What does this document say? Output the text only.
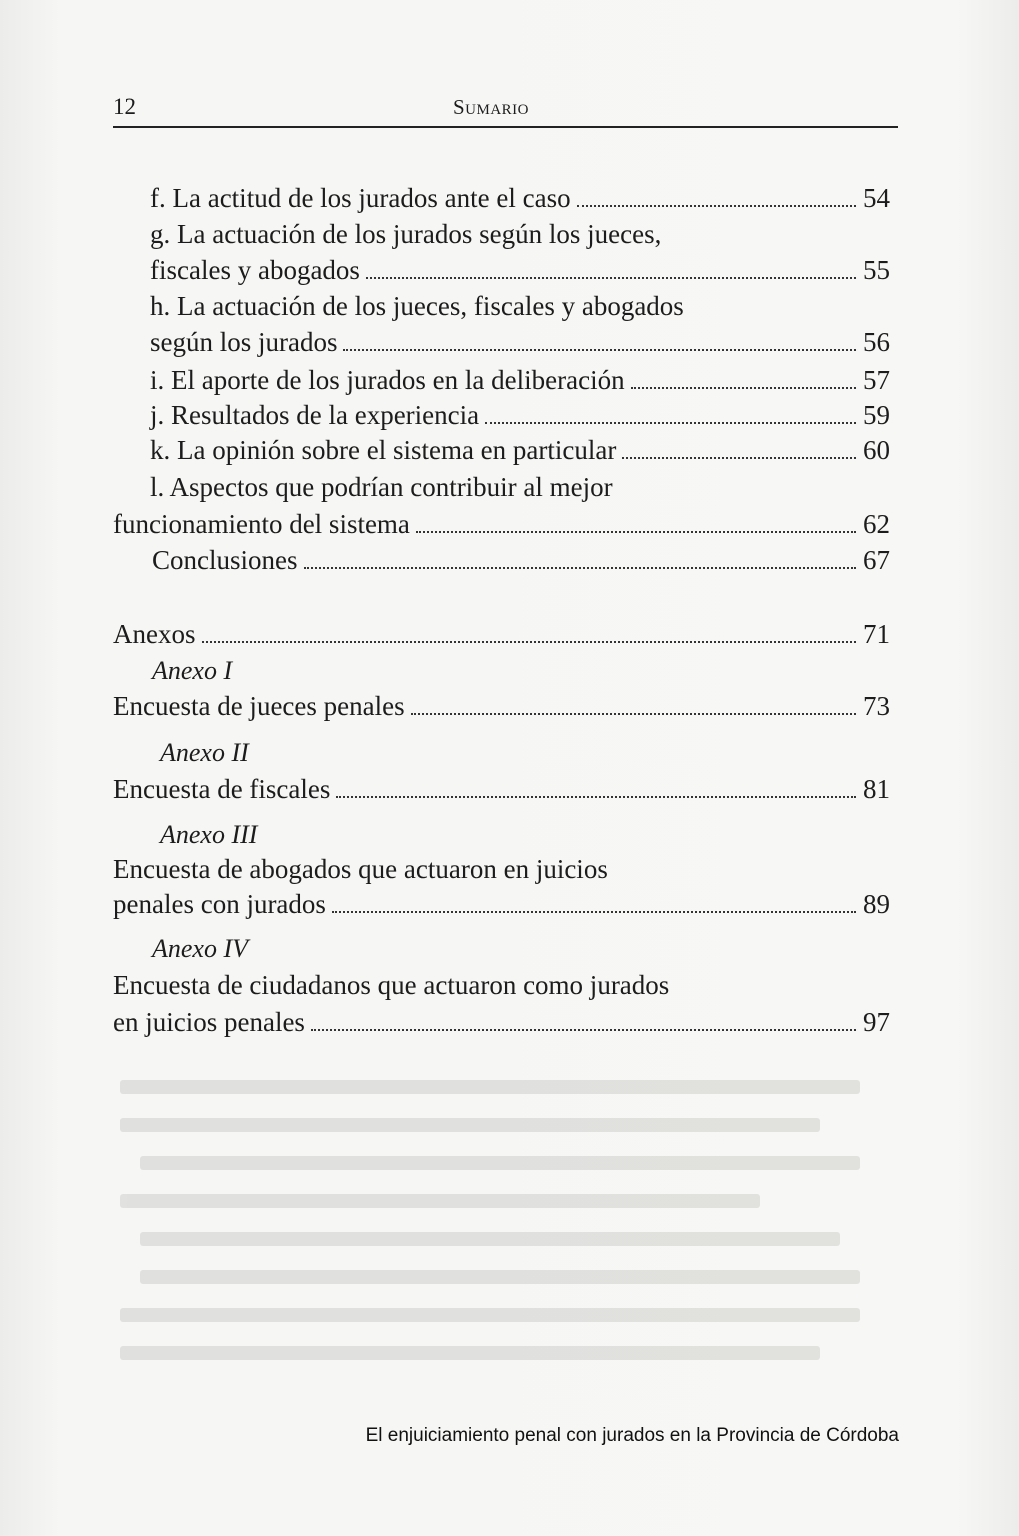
12	Sumario
f. La actitud de los jurados ante el caso	54
g. La actuación de los jurados según los jueces,
fiscales y abogados	55
h. La actuación de los jueces, fiscales y abogados
según los jurados	56
i. El aporte de los jurados en la deliberación	57
j. Resultados de la experiencia	59
k. La opinión sobre el sistema en particular	60
l. Aspectos que podrían contribuir al mejor
funcionamiento del sistema	62
Conclusiones	67
Anexos	71
Anexo I
Encuesta de jueces penales	73
Anexo II
Encuesta de fiscales	81
Anexo III
Encuesta de abogados que actuaron en juicios
penales con jurados	89
Anexo IV
Encuesta de ciudadanos que actuaron como jurados
en juicios penales	97
El enjuiciamiento penal con jurados en la Provincia de Córdoba
